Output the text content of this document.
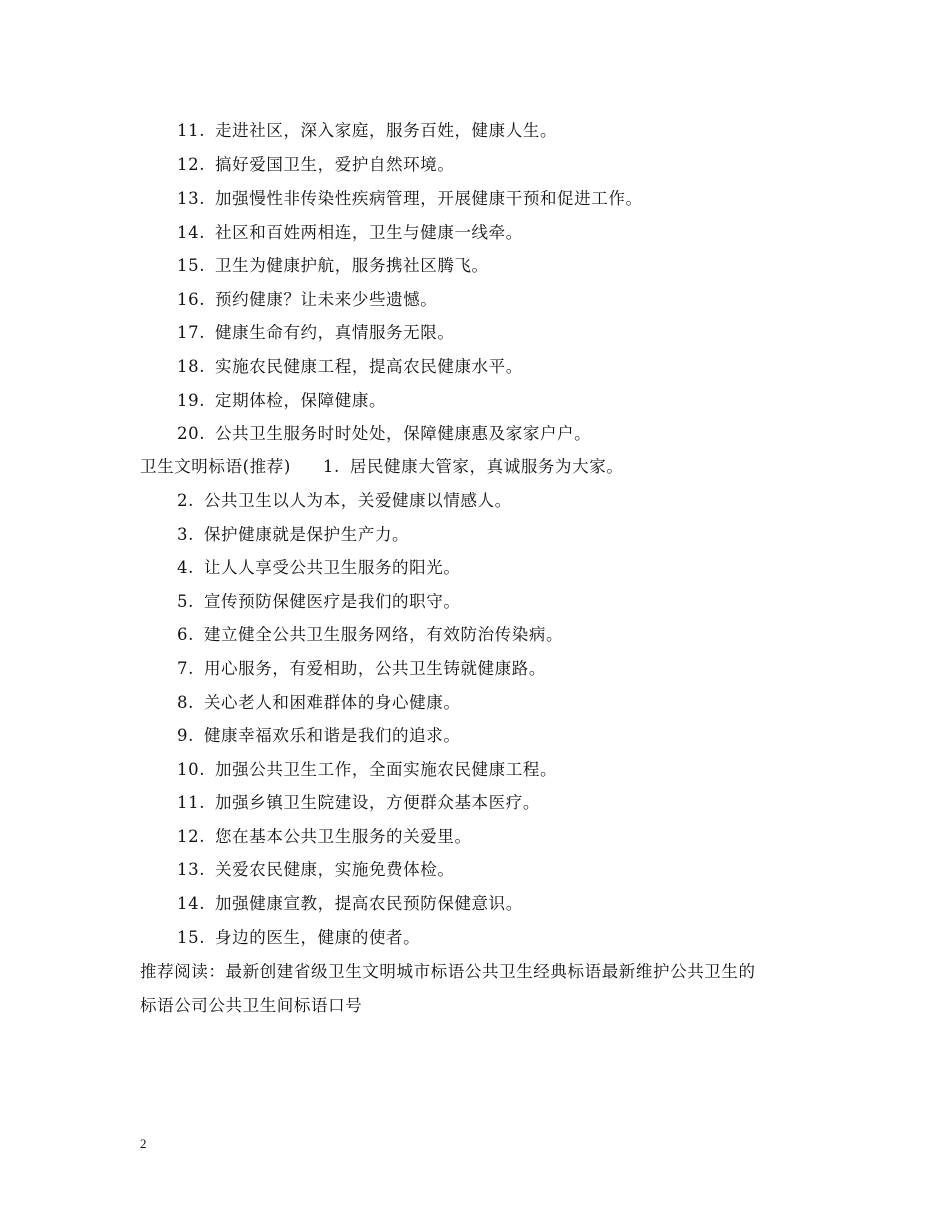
11. 走进社区，深入家庭，服务百姓，健康人生。
12. 搞好爱国卫生，爱护自然环境。
13. 加强慢性非传染性疾病管理，开展健康干预和促进工作。
14. 社区和百姓两相连，卫生与健康一线牵。
15. 卫生为健康护航，服务携社区腾飞。
16. 预约健康？让未来少些遗憾。
17. 健康生命有约，真情服务无限。
18. 实施农民健康工程，提高农民健康水平。
19. 定期体检，保障健康。
20. 公共卫生服务时时处处，保障健康惠及家家户户。
卫生文明标语(推荐) 1. 居民健康大管家，真诚服务为大家。
2. 公共卫生以人为本，关爱健康以情感人。
3. 保护健康就是保护生产力。
4. 让人人享受公共卫生服务的阳光。
5. 宣传预防保健医疗是我们的职守。
6. 建立健全公共卫生服务网络，有效防治传染病。
7. 用心服务，有爱相助，公共卫生铸就健康路。
8. 关心老人和困难群体的身心健康。
9. 健康幸福欢乐和谐是我们的追求。
10. 加强公共卫生工作，全面实施农民健康工程。
11. 加强乡镇卫生院建设，方便群众基本医疗。
12. 您在基本公共卫生服务的关爱里。
13. 关爱农民健康，实施免费体检。
14. 加强健康宣教，提高农民预防保健意识。
15. 身边的医生，健康的使者。
推荐阅读：最新创建省级卫生文明城市标语公共卫生经典标语最新维护公共卫生的
标语公司公共卫生间标语口号
2
